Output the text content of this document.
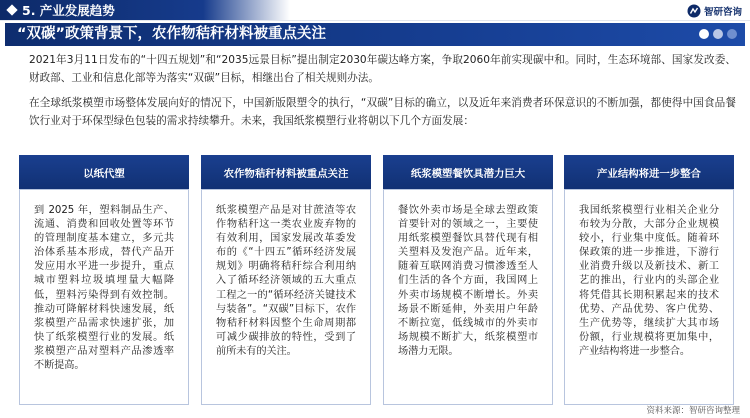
5. 产业发展趋势	智研咨询
“双碳”政策背景下，农作物秸秆材料被重点关注

2021年3月11日发布的“十四五规划”和“2035远景目标”提出制定2030年碳达峰方案，争取2060年前实现碳中和。同时，生态环境部、国家发改委、财政部、工业和信息化部等为落实“双碳”目标，相继出台了相关规则办法。

在全球纸浆模塑市场整体发展向好的情况下，中国新版限塑令的执行，“双碳”目标的确立，以及近年来消费者环保意识的不断加强，都使得中国食品餐饮行业对于环保型绿色包装的需求持续攀升。未来，我国纸浆模塑行业将朝以下几个方面发展：

以纸代塑

到 2025 年，塑料制品生产、流通、消费和回收处置等环节的管理制度基本建立，多元共治体系基本形成，替代产品开发应用水平进一步提升，重点城市塑料垃圾填埋量大幅降低，塑料污染得到有效控制。推动可降解材料快速发展，纸浆模塑产品需求快速扩张，加快了纸浆模塑行业的发展。纸浆模塑产品对塑料产品渗透率不断提高。

农作物秸秆材料被重点关注

纸浆模塑产品是对甘蔗渣等农作物秸秆这一类农业废弃物的有效利用，国家发展改革委发布的《“十四五”循环经济发展规划》明确将秸秆综合利用纳入了循环经济领域的五大重点工程之一的“循环经济关键技术与装备”。“双碳”目标下，农作物秸秆材料因整个生命周期都可减少碳排放的特性，受到了前所未有的关注。

纸浆模塑餐饮具潜力巨大

餐饮外卖市场是全球去塑政策首要针对的领域之一，主要使用纸浆模塑餐饮具替代现有相关塑料及发泡产品。近年来，随着互联网消费习惯渗透至人们生活的各个方面，我国网上外卖市场规模不断增长。外卖场景不断延伸，外卖用户年龄不断拉宽，低线城市的外卖市场规模不断扩大，纸浆模塑市场潜力无限。

产业结构将进一步整合

我国纸浆模塑行业相关企业分布较为分散，大部分企业规模较小，行业集中度低。随着环保政策的进一步推进，下游行业消费升级以及新技术、新工艺的推出，行业内的头部企业将凭借其长期积累起来的技术优势、产品优势、客户优势、生产优势等，继续扩大其市场份额，行业规模将更加集中，产业结构将进一步整合。

资料来源：智研咨询整理
